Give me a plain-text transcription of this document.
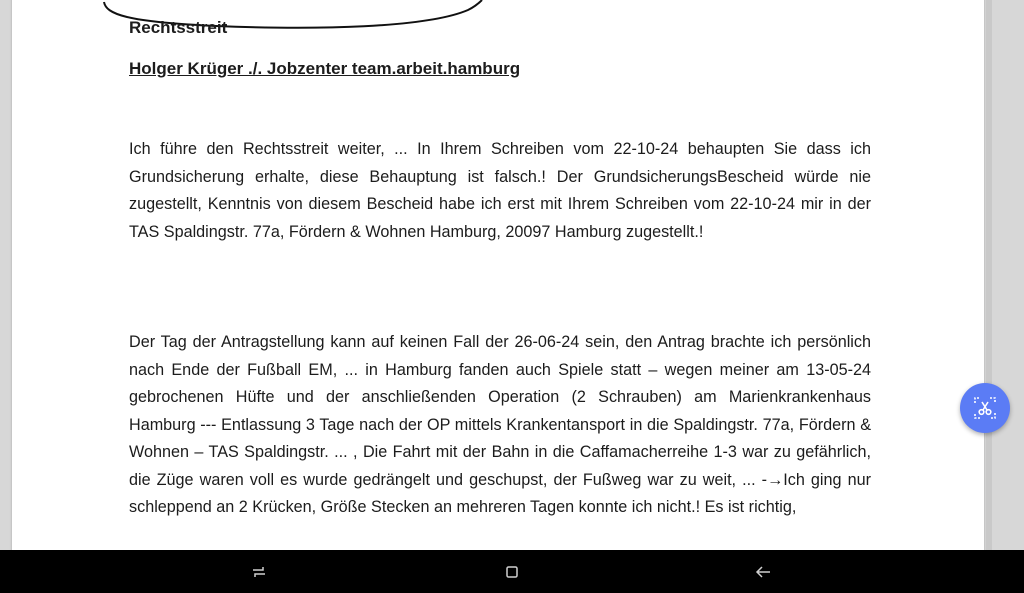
Rechtsstreit
Holger Krüger ./. Jobzenter team.arbeit.hamburg
Ich führe den Rechtsstreit weiter, ... In Ihrem Schreiben vom 22-10-24 behaupten Sie dass ich Grundsicherung erhalte, diese Behauptung ist falsch.! Der GrundsicherungsBescheid würde nie zugestellt, Kenntnis von diesem Bescheid habe ich erst mit Ihrem Schreiben vom 22-10-24 mir in der TAS Spaldingstr. 77a, Fördern & Wohnen Hamburg, 20097 Hamburg zugestellt.!
Der Tag der Antragstellung kann auf keinen Fall der 26-06-24 sein, den Antrag brachte ich persönlich nach Ende der Fußball EM, ... in Hamburg fanden auch Spiele statt – wegen meiner am 13-05-24 gebrochenen Hüfte und der anschließenden Operation (2 Schrauben) am Marienkrankenhaus Hamburg --- Entlassung 3 Tage nach der OP mittels Krankentansport in die Spaldingstr. 77a, Fördern & Wohnen – TAS Spaldingstr. ... , Die Fahrt mit der Bahn in die Caffamacherreihe 1-3 war zu gefährlich, die Züge waren voll es wurde gedrängelt und geschupst, der Fußweg war zu weit, ... -→Ich ging nur schleppend an 2 Krücken, Größe Stecken an mehreren Tagen konnte ich nicht.! Es ist richtig,
